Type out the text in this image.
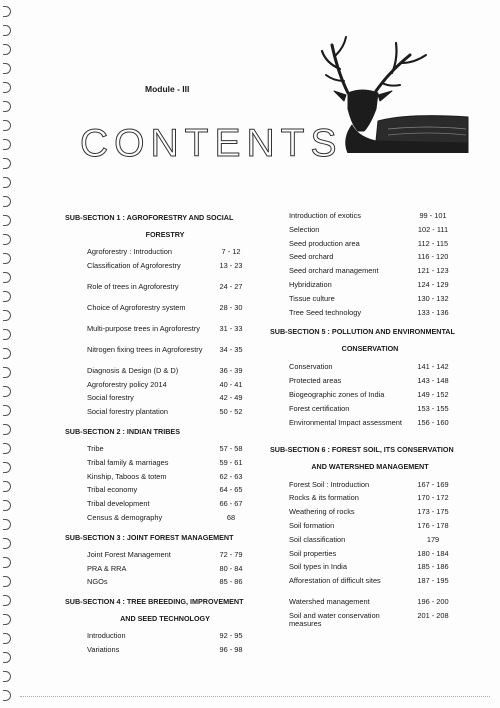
Module - III
CONTENTS
SUB-SECTION 1 : AGROFORESTRY AND SOCIAL
FORESTRY
Agroforestry : Introduction	7 - 12
Classification of Agroforestry	13 - 23
Role of trees in Agroforestry	24 - 27
Choice of Agroforestry system	28 - 30
Multi-purpose trees in Agroforestry	31 - 33
Nitrogen fixing trees in Agroforestry	34 - 35
Diagnosis & Design (D & D)	36 - 39
Agroforestry policy 2014	40 - 41
Social forestry	42 - 49
Social forestry plantation	50 - 52
SUB-SECTION 2 : INDIAN TRIBES
Tribe	57 - 58
Tribal family & marriages	59 - 61
Kinship, Taboos & totem	62 - 63
Tribal economy	64 - 65
Tribal development	66 - 67
Census & demography	68
SUB-SECTION 3 : JOINT FOREST MANAGEMENT
Joint Forest Management	72 - 79
PRA & RRA	80 - 84
NGOs	85 - 86
SUB-SECTION 4 : TREE BREEDING, IMPROVEMENT
AND SEED TECHNOLOGY
Introduction	92 - 95
Variations	96 - 98
Introduction of exotics	99 - 101
Selection	102 - 111
Seed production area	112 - 115
Seed orchard	116 - 120
Seed orchard management	121 - 123
Hybridization	124 - 129
Tissue culture	130 - 132
Tree Seed technology	133 - 136
SUB-SECTION 5 : POLLUTION AND ENVIRONMENTAL
CONSERVATION
Conservation	141 - 142
Protected areas	143 - 148
Biogeographic zones of India	149 - 152
Forest certification	153 - 155
Environmental Impact assessment	156 - 160
SUB-SECTION 6 : FOREST SOIL, ITS CONSERVATION
AND WATERSHED MANAGEMENT
Forest Soil : Introduction	167 - 169
Rocks & its formation	170 - 172
Weathering of rocks	173 - 175
Soil formation	176 - 178
Soil classification	179
Soil properties	180 - 184
Soil types in India	185 - 186
Afforestation of difficult sites	187 - 195
Watershed management	196 - 200
Soil and water conservation measures
201 - 208
